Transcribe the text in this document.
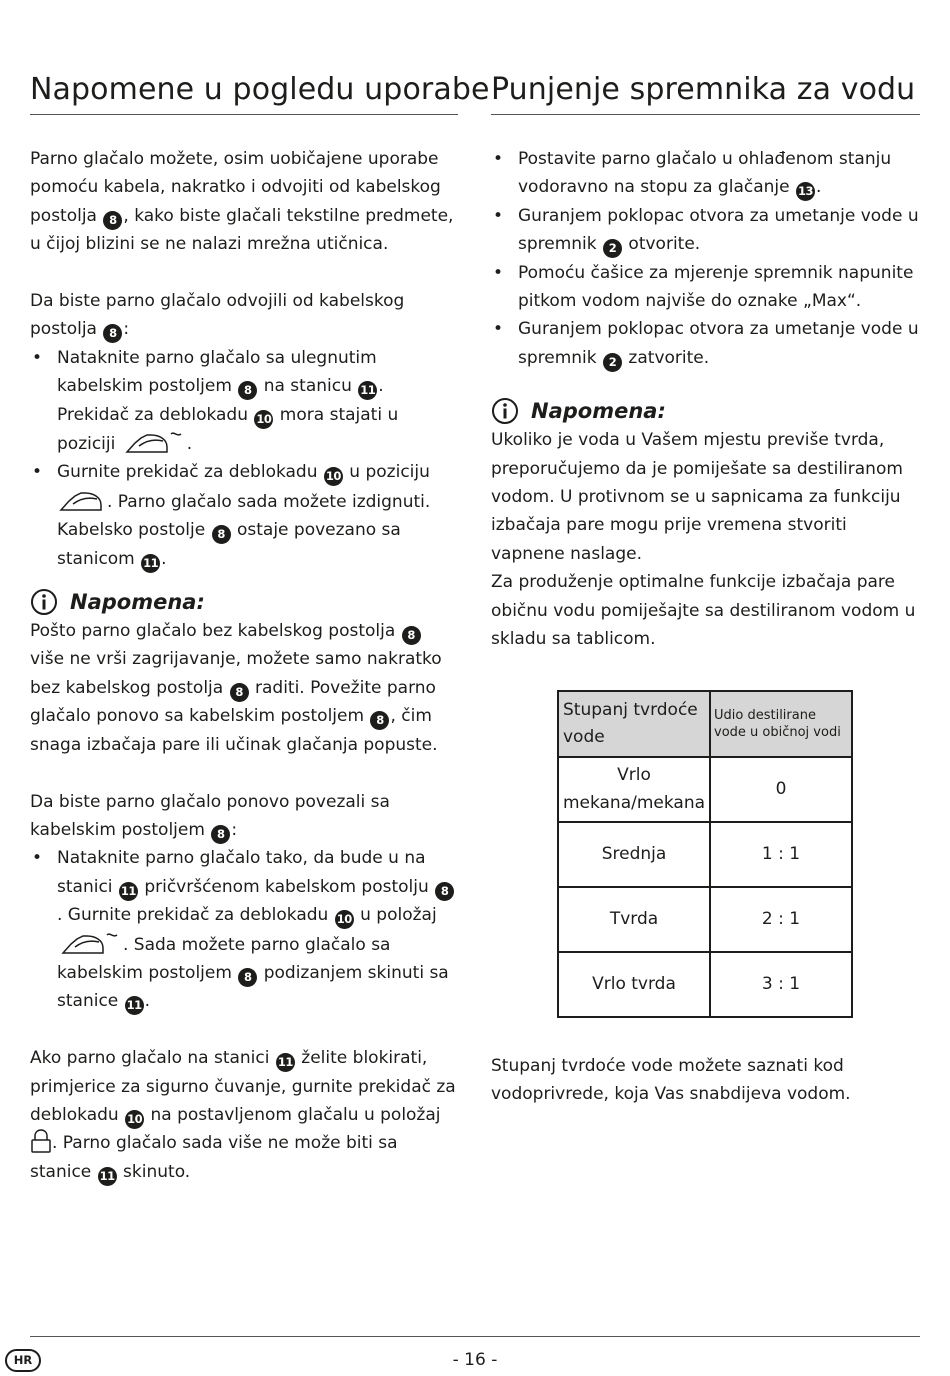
Napomene u pogledu uporabe

Parno glačalo možete, osim uobičajene uporabe pomoću kabela, nakratko i odvojiti od kabelskog postolja 8 , kako biste glačali tekstilne predmete, u čijoj blizini se ne nalazi mrežna utičnica.

Da biste parno glačalo odvojili od kabelskog postolja 8 :

• Nataknite parno glačalo sa ulegnutim kabelskim postoljem 8 na stanicu 11 . Prekidač za deblokadu 10 mora stajati u poziciji	.
• Gurnite prekidač za deblokadu 10 u poziciju
. Parno glačalo sada možete izdignuti. Kabelsko postolje 8 ostaje povezano sa stanicom 11 .
Napomena:

Pošto parno glačalo bez kabelskog postolja 8 više ne vrši zagrijavanje, možete samo nakratko bez kabelskog postolja 8 raditi. Povežite parno glačalo ponovo sa kabelskim postoljem 8 , čim snaga izbačaja pare ili učinak glačanja popuste.

Da biste parno glačalo ponovo povezali sa kabelskim postoljem 8 :

• Nataknite parno glačalo tako, da bude u na stanici 11 pričvršćenom kabelskom postolju 8. Gurnite prekidač za deblokadu 10 u položaj
. Sada možete parno glačalo sa kabelskim postoljem 8 podizanjem skinuti sa stanice 11 .

Ako parno glačalo na stanici 11 želite blokirati, primjerice za sigurno čuvanje, gurnite prekidač za deblokadu 10 na postavljenom glačalu u položaj
. Parno glačalo sada više ne može biti sa stanice 11 skinuto.

Punjenje spremnika za vodu
• Postavite parno glačalo u ohlađenom stanju vodoravno na stopu za glačanje 13 .
• Guranjem poklopac otvora za umetanje vode u spremnik 2 otvorite.
• Pomoću čašice za mjerenje spremnik napunite pitkom vodom najviše do oznake „Max“.
• Guranjem poklopac otvora za umetanje vode u spremnik 2 zatvorite.
Napomena:

Ukoliko je voda u Vašem mjestu previše tvrda, preporučujemo da je pomiješate sa destiliranom vodom. U protivnom se u sapnicama za funkciju izbačaja pare mogu prije vremena stvoriti vapnene naslage.

Za produženje optimalne funkcije izbačaja pare običnu vodu pomiješajte sa destiliranom vodom u skladu sa tablicom.

Stupanj tvrdoće vode	Udio destilirane vode u običnoj vodi
Vrlo mekana/mekana	0
Srednja	1 : 1
Tvrda	2 : 1
Vrlo tvrda	3 : 1

Stupanj tvrdoće vode možete saznati kod vodoprivrede, koja Vas snabdijeva vodom.

HR	- 16 -
